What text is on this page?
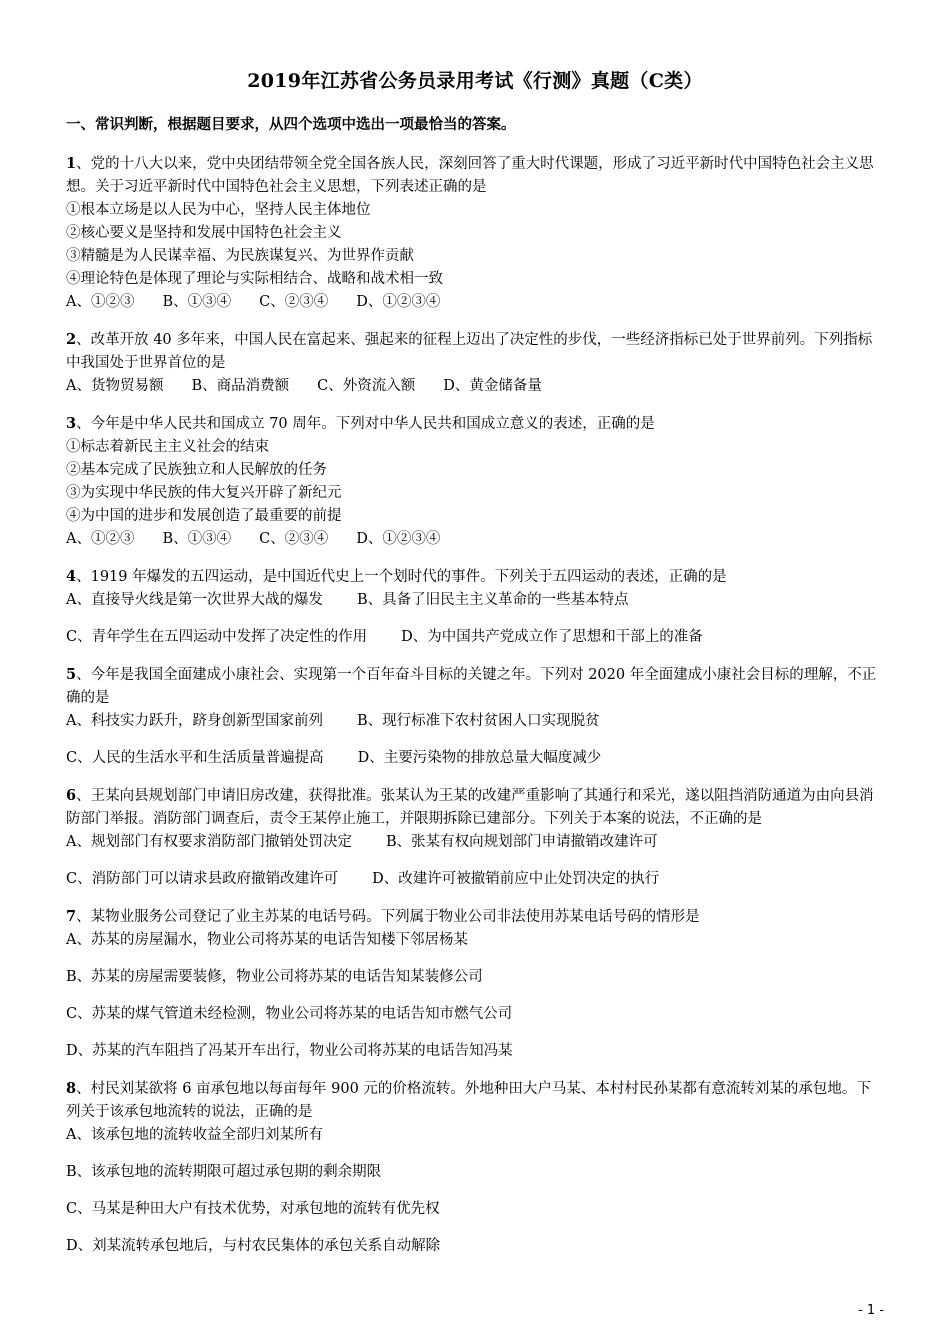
2019年江苏省公务员录用考试《行测》真题（C类）
一、常识判断，根据题目要求，从四个选项中选出一项最恰当的答案。
1、党的十八大以来，党中央团结带领全党全国各族人民，深刻回答了重大时代课题，形成了习近平新时代中国特色社会主义思想。关于习近平新时代中国特色社会主义思想，下列表述正确的是
①根本立场是以人民为中心，坚持人民主体地位
②核心要义是坚持和发展中国特色社会主义
③精髓是为人民谋幸福、为民族谋复兴、为世界作贡献
④理论特色是体现了理论与实际相结合、战略和战术相一致
A、①②③ B、①③④ C、②③④ D、①②③④
2、改革开放 40 多年来，中国人民在富起来、强起来的征程上迈出了决定性的步伐，一些经济指标已处于世界前列。下列指标中我国处于世界首位的是
A、货物贸易额 B、商品消费额 C、外资流入额 D、黄金储备量
3、今年是中华人民共和国成立 70 周年。下列对中华人民共和国成立意义的表述，正确的是
①标志着新民主主义社会的结束
②基本完成了民族独立和人民解放的任务
③为实现中华民族的伟大复兴开辟了新纪元
④为中国的进步和发展创造了最重要的前提
A、①②③ B、①③④ C、②③④ D、①②③④
4、1919 年爆发的五四运动，是中国近代史上一个划时代的事件。下列关于五四运动的表述，正确的是
A、直接导火线是第一次世界大战的爆发 B、具备了旧民主主义革命的一些基本特点
C、青年学生在五四运动中发挥了决定性的作用 D、为中国共产党成立作了思想和干部上的准备
5、今年是我国全面建成小康社会、实现第一个百年奋斗目标的关键之年。下列对 2020 年全面建成小康社会目标的理解，不正确的是
A、科技实力跃升，跻身创新型国家前列 B、现行标准下农村贫困人口实现脱贫
C、人民的生活水平和生活质量普遍提高 D、主要污染物的排放总量大幅度减少
6、王某向县规划部门申请旧房改建，获得批准。张某认为王某的改建严重影响了其通行和采光，遂以阻挡消防通道为由向县消防部门举报。消防部门调查后，责令王某停止施工，并限期拆除已建部分。下列关于本案的说法，不正确的是
A、规划部门有权要求消防部门撤销处罚决定 B、张某有权向规划部门申请撤销改建许可
C、消防部门可以请求县政府撤销改建许可 D、改建许可被撤销前应中止处罚决定的执行
7、某物业服务公司登记了业主苏某的电话号码。下列属于物业公司非法使用苏某电话号码的情形是
A、苏某的房屋漏水，物业公司将苏某的电话告知楼下邻居杨某
B、苏某的房屋需要装修，物业公司将苏某的电话告知某装修公司
C、苏某的煤气管道未经检测，物业公司将苏某的电话告知市燃气公司
D、苏某的汽车阻挡了冯某开车出行，物业公司将苏某的电话告知冯某
8、村民刘某欲将 6 亩承包地以每亩每年 900 元的价格流转。外地种田大户马某、本村村民孙某都有意流转刘某的承包地。下列关于该承包地流转的说法，正确的是
A、该承包地的流转收益全部归刘某所有
B、该承包地的流转期限可超过承包期的剩余期限
C、马某是种田大户有技术优势，对承包地的流转有优先权
D、刘某流转承包地后，与村农民集体的承包关系自动解除
- 1 -
